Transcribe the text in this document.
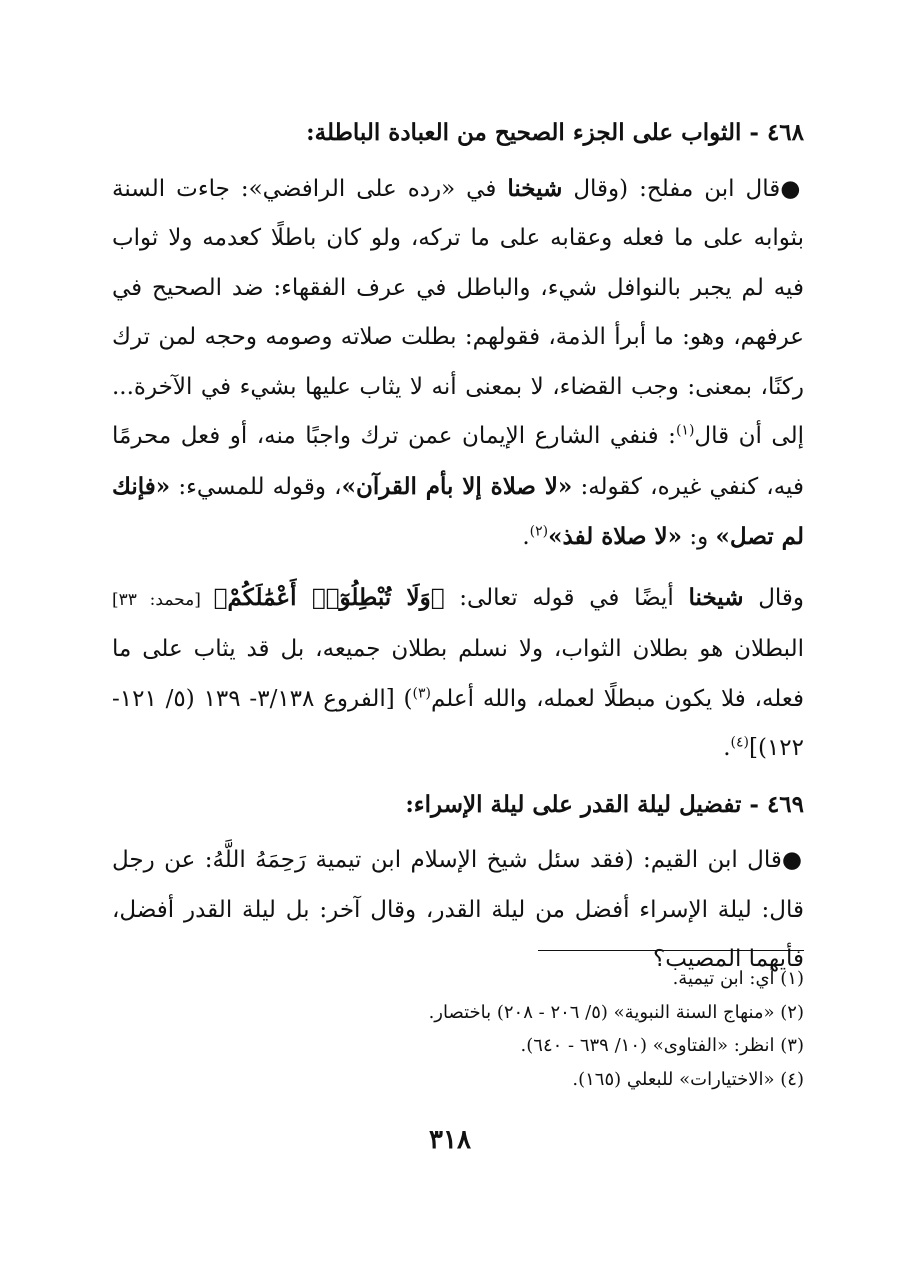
٤٦٨ - الثواب على الجزء الصحيح من العبادة الباطلة:

●قال ابن مفلح: (وقال شيخنا في «رده على الرافضي»: جاءت السنة بثوابه على ما فعله وعقابه على ما تركه، ولو كان باطلًا كعدمه ولا ثواب فيه لم يجبر بالنوافل شيء، والباطل في عرف الفقهاء: ضد الصحيح في عرفهم، وهو: ما أبرأ الذمة، فقولهم: بطلت صلاته وصومه وحجه لمن ترك ركنًا، بمعنى: وجب القضاء، لا بمعنى أنه لا يثاب عليها بشيء في الآخرة... إلى أن قال$^{(١)}$: فنفي الشارع الإيمان عمن ترك واجبًا منه، أو فعل محرمًا فيه، كنفي غيره، كقوله: «لا صلاة إلا بأم القرآن»، وقوله للمسيء: «فإنك لم تصل» و: «لا صلاة لفذ»$^{(٢)}$.

وقال شيخنا أيضًا في قوله تعالى: ﴿وَلَا تُبْطِلُوٓا۟ أَعْمَٰلَكُمْ﴾ [محمد: ٣٣] البطلان هو بطلان الثواب، ولا نسلم بطلان جميعه، بل قد يثاب على ما فعله، فلا يكون مبطلًا لعمله، والله أعلم$^{(٣)}$) [الفروع ٣/١٣٨- ١٣٩ (٥/ ١٢١- ١٢٢)]$^{(٤)}$.

٤٦٩ - تفضيل ليلة القدر على ليلة الإسراء:

●قال ابن القيم: (فقد سئل شيخ الإسلام ابن تيمية رَحِمَهُ اللَّهُ: عن رجل قال: ليلة الإسراء أفضل من ليلة القدر، وقال آخر: بل ليلة القدر أفضل، فأيهما المصيب؟

(١) أي: ابن تيمية.
(٢) «منهاج السنة النبوية» (٥/ ٢٠٦ - ٢٠٨) باختصار.
(٣) انظر: «الفتاوى» (١٠/ ٦٣٩ - ٦٤٠).
(٤) «الاختيارات» للبعلي (١٦٥).
٣١٨
